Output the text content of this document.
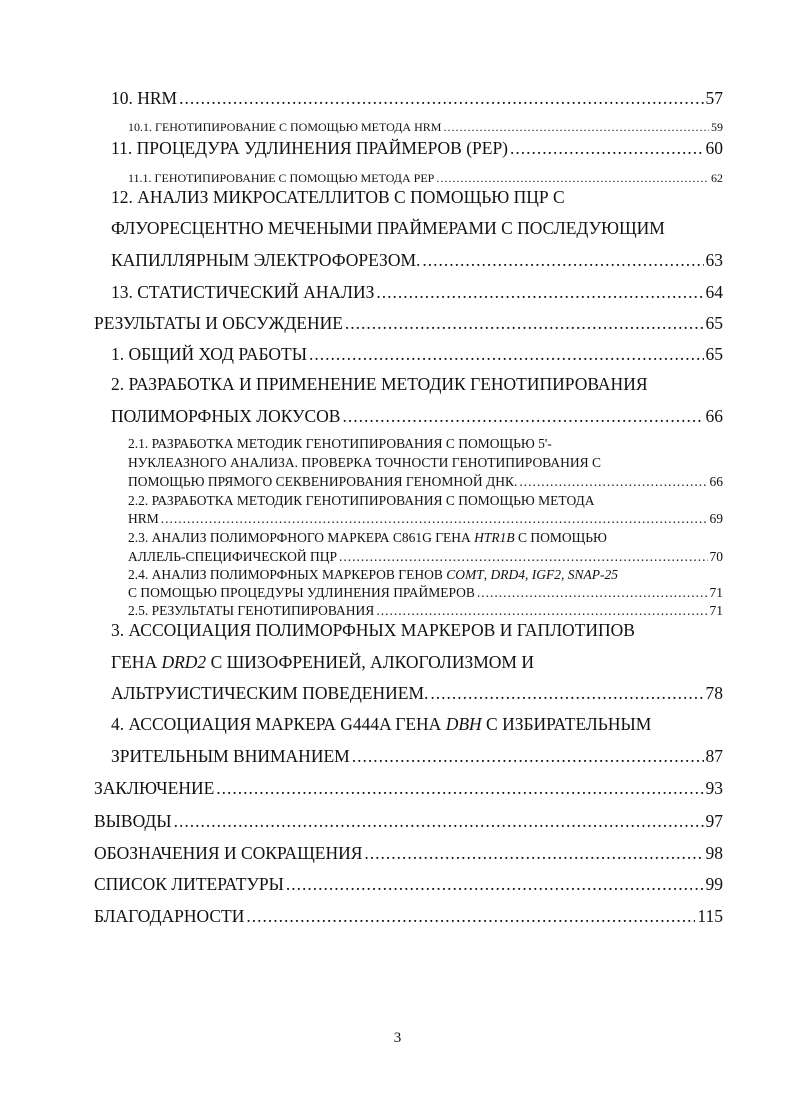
10. HRM .....	57
10.1. ГЕНОТИПИРОВАНИЕ С ПОМОЩЬЮ МЕТОДА HRM .....	59
11. ПРОЦЕДУРА УДЛИНЕНИЯ ПРАЙМЕРОВ (PEP) .....	60
11.1. ГЕНОТИПИРОВАНИЕ С ПОМОЩЬЮ МЕТОДА PEP .....	62
12. АНАЛИЗ МИКРОСАТЕЛЛИТОВ С ПОМОЩЬЮ ПЦР С
ФЛУОРЕСЦЕНТНО МЕЧЕНЫМИ ПРАЙМЕРАМИ С ПОСЛЕДУЮЩИМ
КАПИЛЛЯРНЫМ ЭЛЕКТРОФОРЕЗОМ. .....	63
13. СТАТИСТИЧЕСКИЙ АНАЛИЗ .....	64
РЕЗУЛЬТАТЫ И ОБСУЖДЕНИЕ .....	65
1. ОБЩИЙ ХОД РАБОТЫ .....	65
2. РАЗРАБОТКА И ПРИМЕНЕНИЕ МЕТОДИК ГЕНОТИПИРОВАНИЯ
ПОЛИМОРФНЫХ ЛОКУСОВ .....	66
2.1. РАЗРАБОТКА МЕТОДИК ГЕНОТИПИРОВАНИЯ С ПОМОЩЬЮ 5'-
НУКЛЕАЗНОГО АНАЛИЗА. ПРОВЕРКА ТОЧНОСТИ ГЕНОТИПИРОВАНИЯ С
ПОМОЩЬЮ ПРЯМОГО СЕКВЕНИРОВАНИЯ ГЕНОМНОЙ ДНК. .....	66
2.2. РАЗРАБОТКА МЕТОДИК ГЕНОТИПИРОВАНИЯ С ПОМОЩЬЮ МЕТОДА
HRM .....	69
2.3. АНАЛИЗ ПОЛИМОРФНОГО МАРКЕРА C861G ГЕНА HTR1B С ПОМОЩЬЮ
АЛЛЕЛЬ-СПЕЦИФИЧЕСКОЙ ПЦР .....	70
2.4. АНАЛИЗ ПОЛИМОРФНЫХ МАРКЕРОВ ГЕНОВ COMT, DRD4, IGF2, SNAP-25
С ПОМОЩЬЮ ПРОЦЕДУРЫ УДЛИНЕНИЯ ПРАЙМЕРОВ .....	71
2.5. РЕЗУЛЬТАТЫ ГЕНОТИПИРОВАНИЯ .....	71
3. АССОЦИАЦИЯ ПОЛИМОРФНЫХ МАРКЕРОВ И ГАПЛОТИПОВ
ГЕНА DRD2 С ШИЗОФРЕНИЕЙ, АЛКОГОЛИЗМОМ И
АЛЬТРУИСТИЧЕСКИМ ПОВЕДЕНИЕМ. .....	78
4. АССОЦИАЦИЯ МАРКЕРА G444A ГЕНА DBH С ИЗБИРАТЕЛЬНЫМ
ЗРИТЕЛЬНЫМ ВНИМАНИЕМ .....	87
ЗАКЛЮЧЕНИЕ .....	93
ВЫВОДЫ .....	97
ОБОЗНАЧЕНИЯ И СОКРАЩЕНИЯ .....	98
СПИСОК ЛИТЕРАТУРЫ .....	99
БЛАГОДАРНОСТИ .....	115
3
